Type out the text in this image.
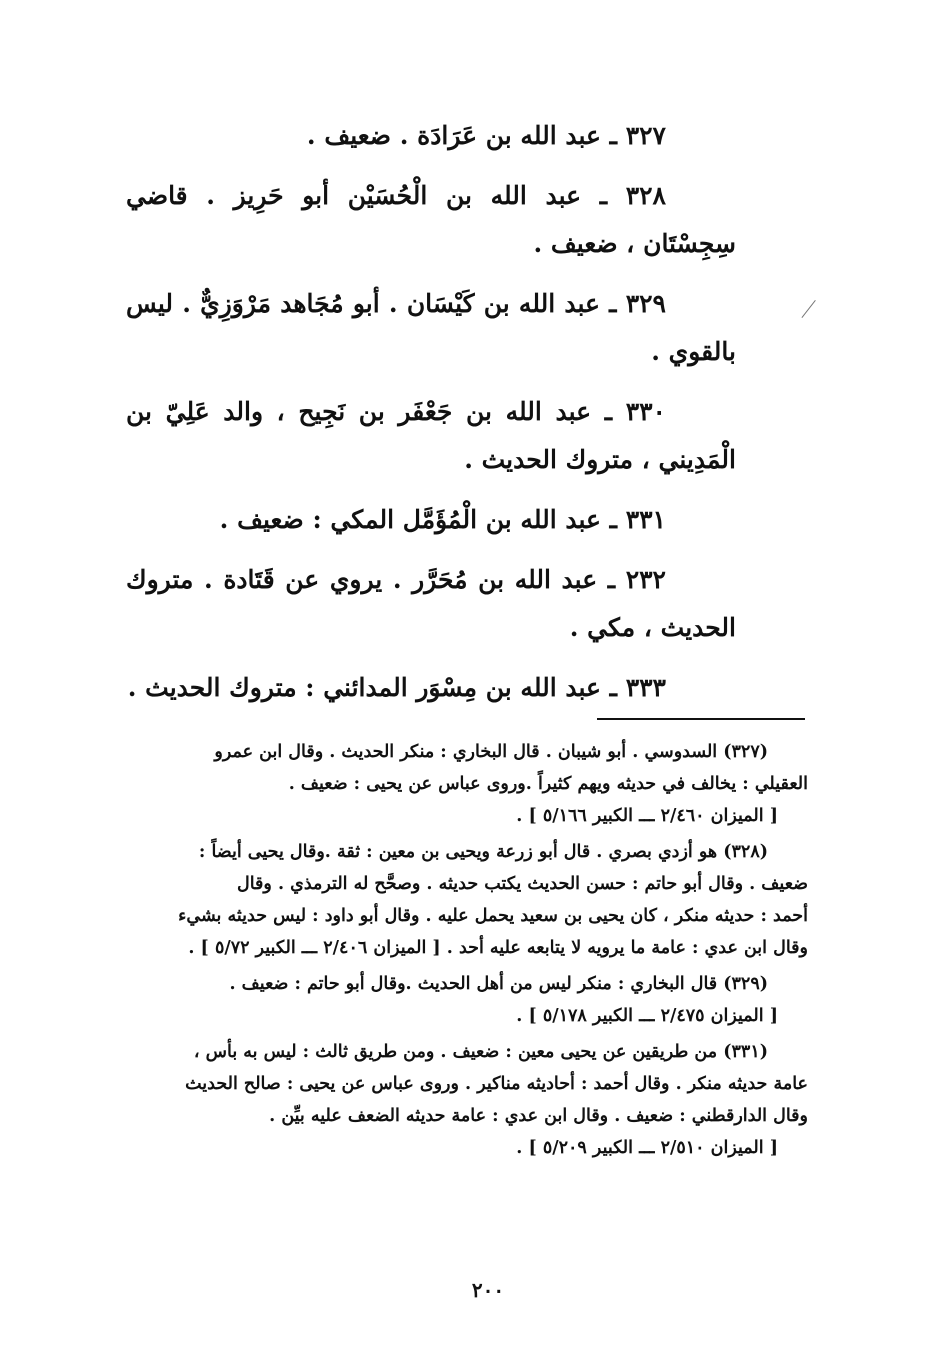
٣٢٧ ـ عبد الله بن عَرَادَة . ضعيف .

٣٢٨ ـ عبد الله بن الْحُسَيْن أبو حَرِيز . قاضي سِجِسْتَان ، ضعيف .

٣٢٩ ـ عبد الله بن كَيْسَان . أبو مُجَاهد مَرْوَزِيٌّ . ليس بالقوي .

٣٣٠ ـ عبد الله بن جَعْفَر بن نَجِيح ، والد عَلِيّ بن الْمَدِيني ، متروك الحديث .

٣٣١ ـ عبد الله بن الْمُؤَمَّل المكي : ضعيف .

٢٣٢ ـ عبد الله بن مُحَرَّر . يروي عن قَتَادة . متروك الحديث ، مكي .

٣٣٣ ـ عبد الله بن مِسْوَر المدائني : متروك الحديث .

(٣٢٧) السدوسي . أبو شيبان . قال البخاري : منكر الحديث . وقال ابن عمرو
العقيلي : يخالف في حديثه ويهم كثيراً .وروى عباس عن يحيى : ضعيف .
[ الميزان ٢/٤٦٠ ـــ الكبير ٥/١٦٦ ] .
(٣٢٨) هو أزدي بصري . قال أبو زرعة ويحيى بن معين : ثقة .وقال يحيى أيضاً :
ضعيف . وقال أبو حاتم : حسن الحديث يكتب حديثه . وصحَّح له الترمذي . وقال
أحمد : حديثه منكر ، كان يحيى بن سعيد يحمل عليه . وقال أبو داود : ليس حديثه بشيء
وقال ابن عدي : عامة ما يرويه لا يتابعه عليه أحد . [ الميزان ٢/٤٠٦ ـــ الكبير ٥/٧٢ ] .
(٣٢٩) قال البخاري : منكر ليس من أهل الحديث .وقال أبو حاتم : ضعيف .
[ الميزان ٢/٤٧٥ ـــ الكبير ٥/١٧٨ ] .
(٣٣١) من طريقين عن يحيى معين : ضعيف . ومن طريق ثالث : ليس به بأس ،
عامة حديثه منكر . وقال أحمد : أحاديثه مناكير . وروى عباس عن يحيى : صالح الحديث
وقال الدارقطني : ضعيف . وقال ابن عدي : عامة حديثه الضعف عليه بيِّن .
[ الميزان ٢/٥١٠ ـــ الكبير ٥/٢٠٩ ] .
٢٠٠
